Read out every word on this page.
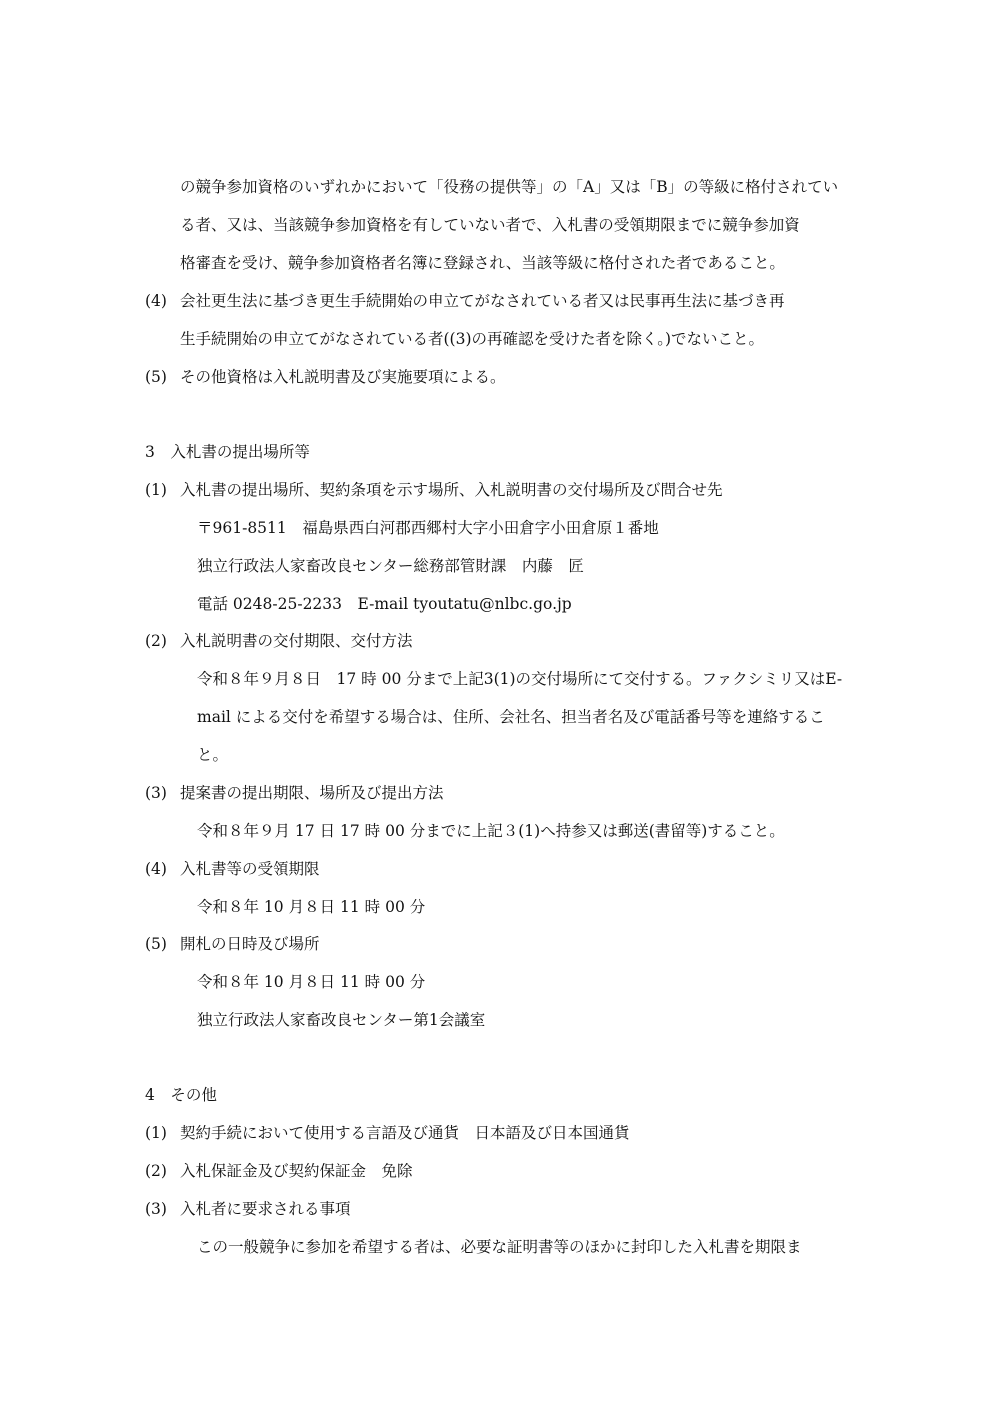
の競争参加資格のいずれかにおいて「役務の提供等」の「A」又は「B」の等級に格付されてい
る者、又は、当該競争参加資格を有していない者で、入札書の受領期限までに競争参加資
格審査を受け、競争参加資格者名簿に登録され、当該等級に格付された者であること。
(4) 会社更生法に基づき更生手続開始の申立てがなされている者又は民事再生法に基づき再
生手続開始の申立てがなされている者((3)の再確認を受けた者を除く。)でないこと。
(5) その他資格は入札説明書及び実施要項による。
3　入札書の提出場所等
(1) 入札書の提出場所、契約条項を示す場所、入札説明書の交付場所及び問合せ先
〒961-8511　福島県西白河郡西郷村大字小田倉字小田倉原１番地
独立行政法人家畜改良センター総務部管財課　内藤　匠
電話 0248-25-2233　E-mail tyoutatu@nlbc.go.jp
(2) 入札説明書の交付期限、交付方法
令和８年９月８日　17 時 00 分まで上記3(1)の交付場所にて交付する。ファクシミリ又はE-
mail による交付を希望する場合は、住所、会社名、担当者名及び電話番号等を連絡するこ
と。
(3) 提案書の提出期限、場所及び提出方法
令和８年９月 17 日 17 時 00 分までに上記３(1)へ持参又は郵送(書留等)すること。
(4) 入札書等の受領期限
令和８年 10 月８日 11 時 00 分
(5) 開札の日時及び場所
令和８年 10 月８日 11 時 00 分
独立行政法人家畜改良センター第1会議室
4　その他
(1) 契約手続において使用する言語及び通貨　日本語及び日本国通貨
(2) 入札保証金及び契約保証金　免除
(3) 入札者に要求される事項
この一般競争に参加を希望する者は、必要な証明書等のほかに封印した入札書を期限ま
